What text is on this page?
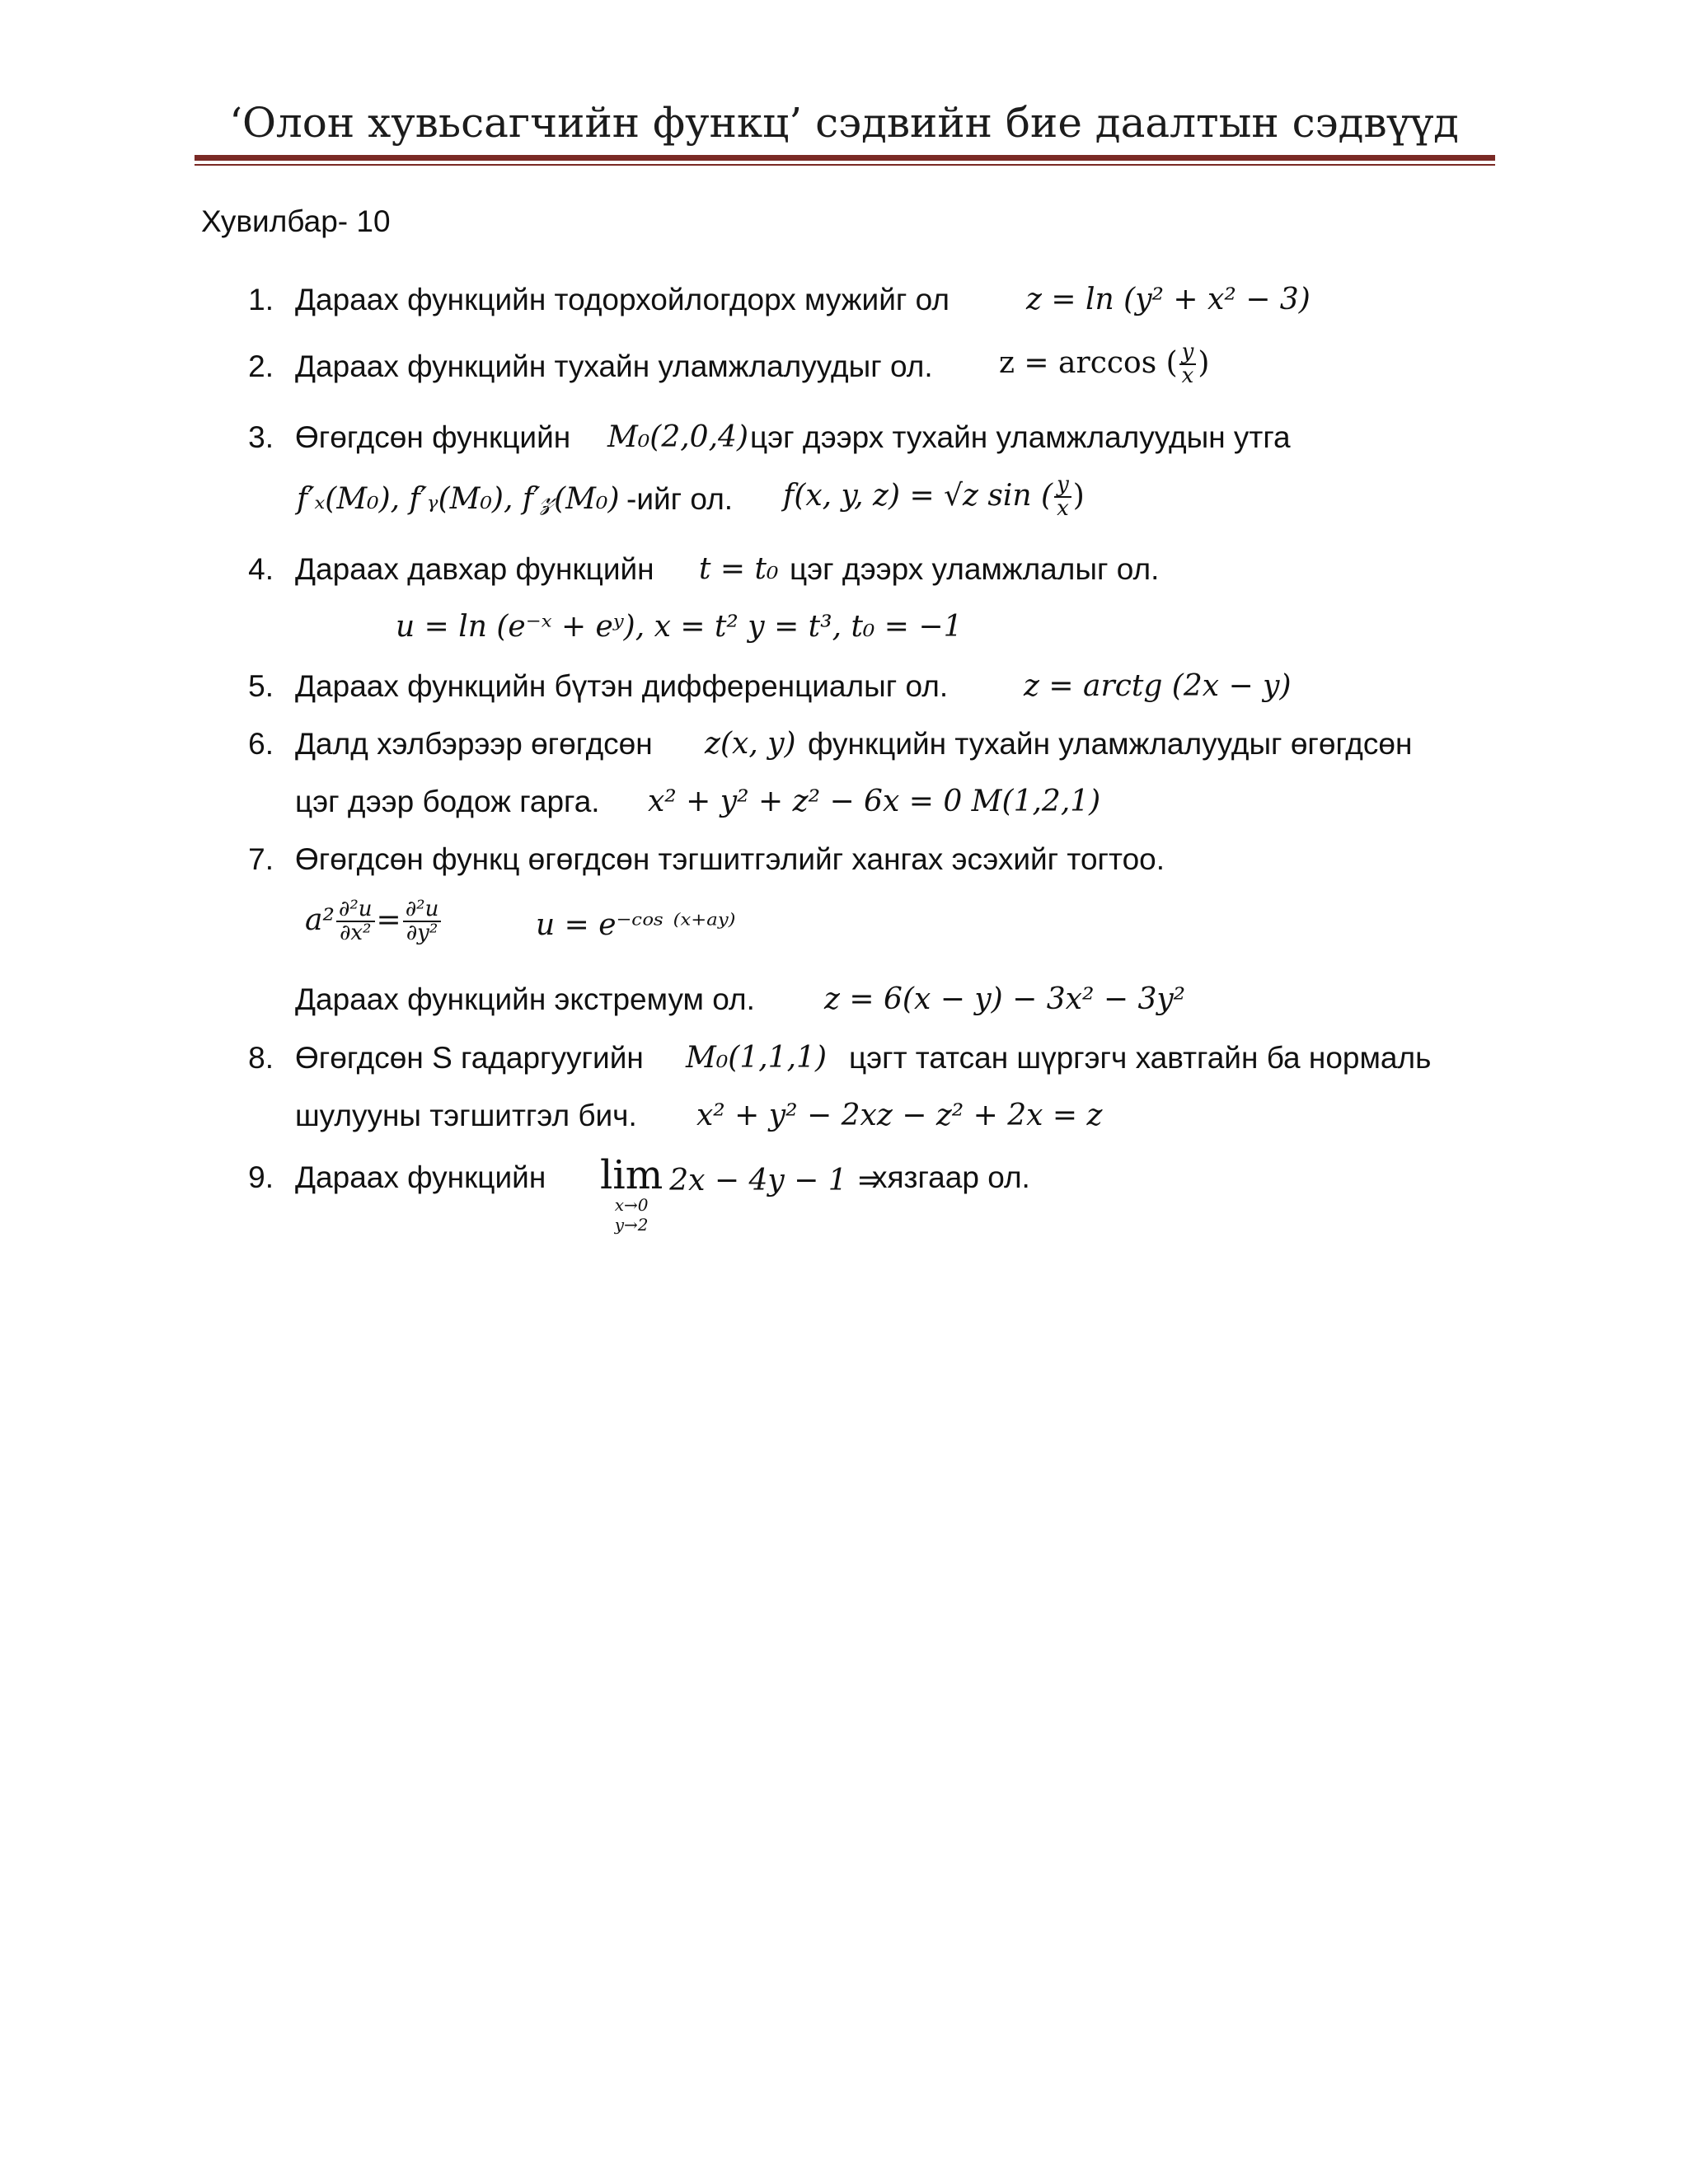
‘Олон хувьсагчийн функц’ сэдвийн бие даалтын сэдвүүд
Хувилбар- 10
1. Дараах функцийн тодорхойлогдорх мужийг ол	z = ln (y² + x² − 3)
2. Дараах функцийн тухайн уламжлалуудыг ол. z = arccos ( $\frac{y}{x}$ )
3. Өгөгдсөн функцийн M₀(2,0,4) цэг дээрх тухайн уламжлалуудын утга
f′ₓ(M₀), f′ᵧ(M₀), f′𝓏(M₀) -ийг ол. f(x, y, z) = √z sin ( $\frac{y}{x}$ )
4. Дараах давхар функцийн t = t₀ цэг дээрх уламжлалыг ол.
u = ln (e⁻ˣ + eʸ), x = t² y = t³, t₀ = −1
5. Дараах функцийн бүтэн дифференциалыг ол.	z = arctg (2x − y)
6. Далд хэлбэрээр өгөгдсөн z(x, y) функцийн тухайн уламжлалуудыг өгөгдсөн
цэг дээр бодож гарга. x² + y² + z² − 6x = 0 M(1,2,1)
7. Өгөгдсөн функц өгөгдсөн тэгшитгэлийг хангах эсэхийг тогтоо.
$a^2 \frac{\text{∂²u}}{\text{∂x²}} = \frac{\text{∂²u}}{\text{∂y²}}$	u = e⁻ᶜᵒˢ ⁽ˣ⁺ᵃʸ⁾
Дараах функцийн экстремум ол. z = 6(x − y) − 3x² − 3y²
8. Өгөгдсөн S гадаргуугийн M₀(1,1,1) цэгт татсан шүргэгч хавтгайн ба нормаль
шулууны тэгшитгэл бич. x² + y² − 2xz − z² + 2x = z
9. Дараах функцийн lim
x→0
y→2
2x − 4y − 1 =
хязгаар ол.
